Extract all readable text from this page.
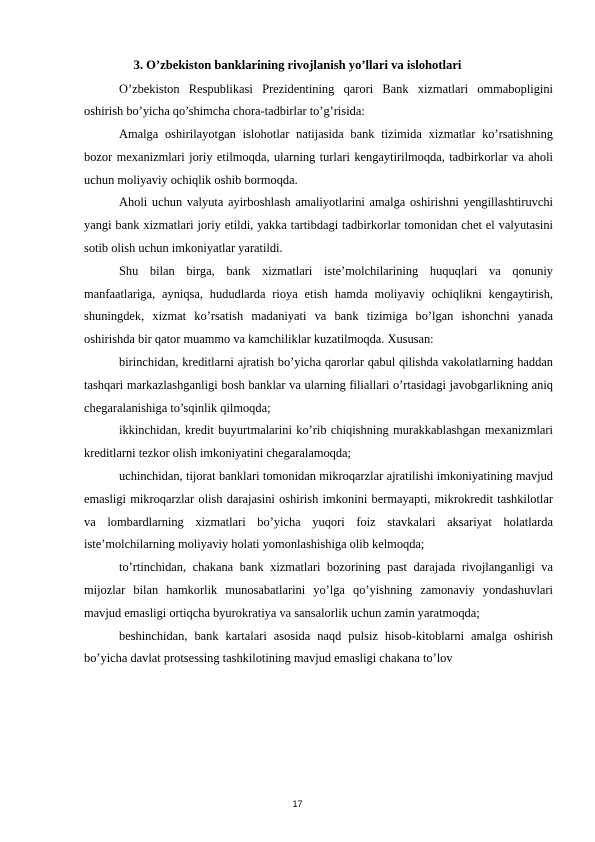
3. O’zbekiston banklarining rivojlanish yo’llari va islohotlari

O’zbekiston Respublikasi Prezidentining qarori Bank xizmatlari ommabopligini oshirish bo’yicha qo’shimcha chora-tadbirlar to’g’risida:

Amalga oshirilayotgan islohotlar natijasida bank tizimida xizmatlar ko’rsatishning bozor mexanizmlari joriy etilmoqda, ularning turlari kengaytirilmoqda, tadbirkorlar va aholi uchun moliyaviy ochiqlik oshib bormoqda.

Aholi uchun valyuta ayirboshlash amaliyotlarini amalga oshirishni yengillashtiruvchi yangi bank xizmatlari joriy etildi, yakka tartibdagi tadbirkorlar tomonidan chet el valyutasini sotib olish uchun imkoniyatlar yaratildi.

Shu bilan birga, bank xizmatlari iste’molchilarining huquqlari va qonuniy manfaatlariga, ayniqsa, hududlarda rioya etish hamda moliyaviy ochiqlikni kengaytirish, shuningdek, xizmat ko’rsatish madaniyati va bank tizimiga bo’lgan ishonchni yanada oshirishda bir qator muammo va kamchiliklar kuzatilmoqda. Xususan:

birinchidan, kreditlarni ajratish bo’yicha qarorlar qabul qilishda vakolatlarning haddan tashqari markazlashganligi bosh banklar va ularning filiallari o’rtasidagi javobgarlikning aniq chegaralanishiga to’sqinlik qilmoqda;

ikkinchidan, kredit buyurtmalarini ko’rib chiqishning murakkablashgan mexanizmlari kreditlarni tezkor olish imkoniyatini chegaralamoqda;

uchinchidan, tijorat banklari tomonidan mikroqarzlar ajratilishi imkoniyatining mavjud emasligi mikroqarzlar olish darajasini oshirish imkonini bermayapti, mikrokredit tashkilotlar va lombardlarning xizmatlari bo’yicha yuqori foiz stavkalari aksariyat holatlarda iste’molchilarning moliyaviy holati yomonlashishiga olib kelmoqda;

to’rtinchidan, chakana bank xizmatlari bozorining past darajada rivojlanganligi va mijozlar bilan hamkorlik munosabatlarini yo’lga qo’yishning zamonaviy yondashuvlari mavjud emasligi ortiqcha byurokratiya va sansalorlik uchun zamin yaratmoqda;

beshinchidan, bank kartalari asosida naqd pulsiz hisob-kitoblarni amalga oshirish bo’yicha davlat protsessing tashkilotining mavjud emasligi chakana to’lov

17
